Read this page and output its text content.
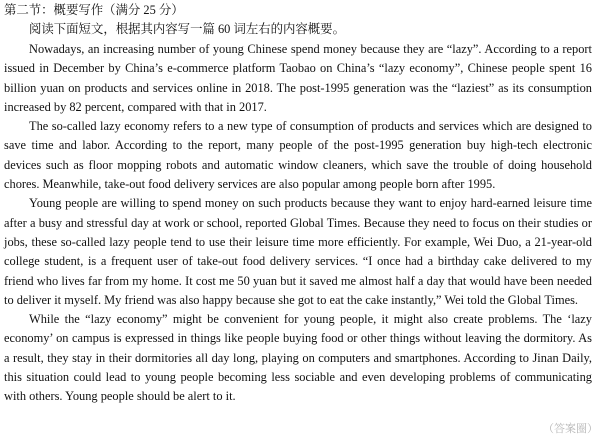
第二节：概要写作（满分 25 分）
阅读下面短文，根据其内容写一篇 60 词左右的内容概要。

Nowadays, an increasing number of young Chinese spend money because they are “lazy”. According to a report issued in December by China’s e-commerce platform Taobao on China’s “lazy economy”, Chinese people spent 16 billion yuan on products and services online in 2018. The post-1995 generation was the “laziest” as its consumption increased by 82 percent, compared with that in 2017.

The so-called lazy economy refers to a new type of consumption of products and services which are designed to save time and labor. According to the report, many people of the post-1995 generation buy high-tech electronic devices such as floor mopping robots and automatic window cleaners, which save the trouble of doing household chores. Meanwhile, take-out food delivery services are also popular among people born after 1995.

Young people are willing to spend money on such products because they want to enjoy hard-earned leisure time after a busy and stressful day at work or school, reported Global Times. Because they need to focus on their studies or jobs, these so-called lazy people tend to use their leisure time more efficiently. For example, Wei Duo, a 21-year-old college student, is a frequent user of take-out food delivery services. “I once had a birthday cake delivered to my friend who lives far from my home. It cost me 50 yuan but it saved me almost half a day that would have been needed to deliver it myself. My friend was also happy because she got to eat the cake instantly,” Wei told the Global Times.

While the “lazy economy” might be convenient for young people, it might also create problems. The ‘lazy economy’ on campus is expressed in things like people buying food or other things without leaving the dormitory. As a result, they stay in their dormitories all day long, playing on computers and smartphones. According to Jinan Daily, this situation could lead to young people becoming less sociable and even developing problems of communicating with others. Young people should be alert to it.

（答案圈）
